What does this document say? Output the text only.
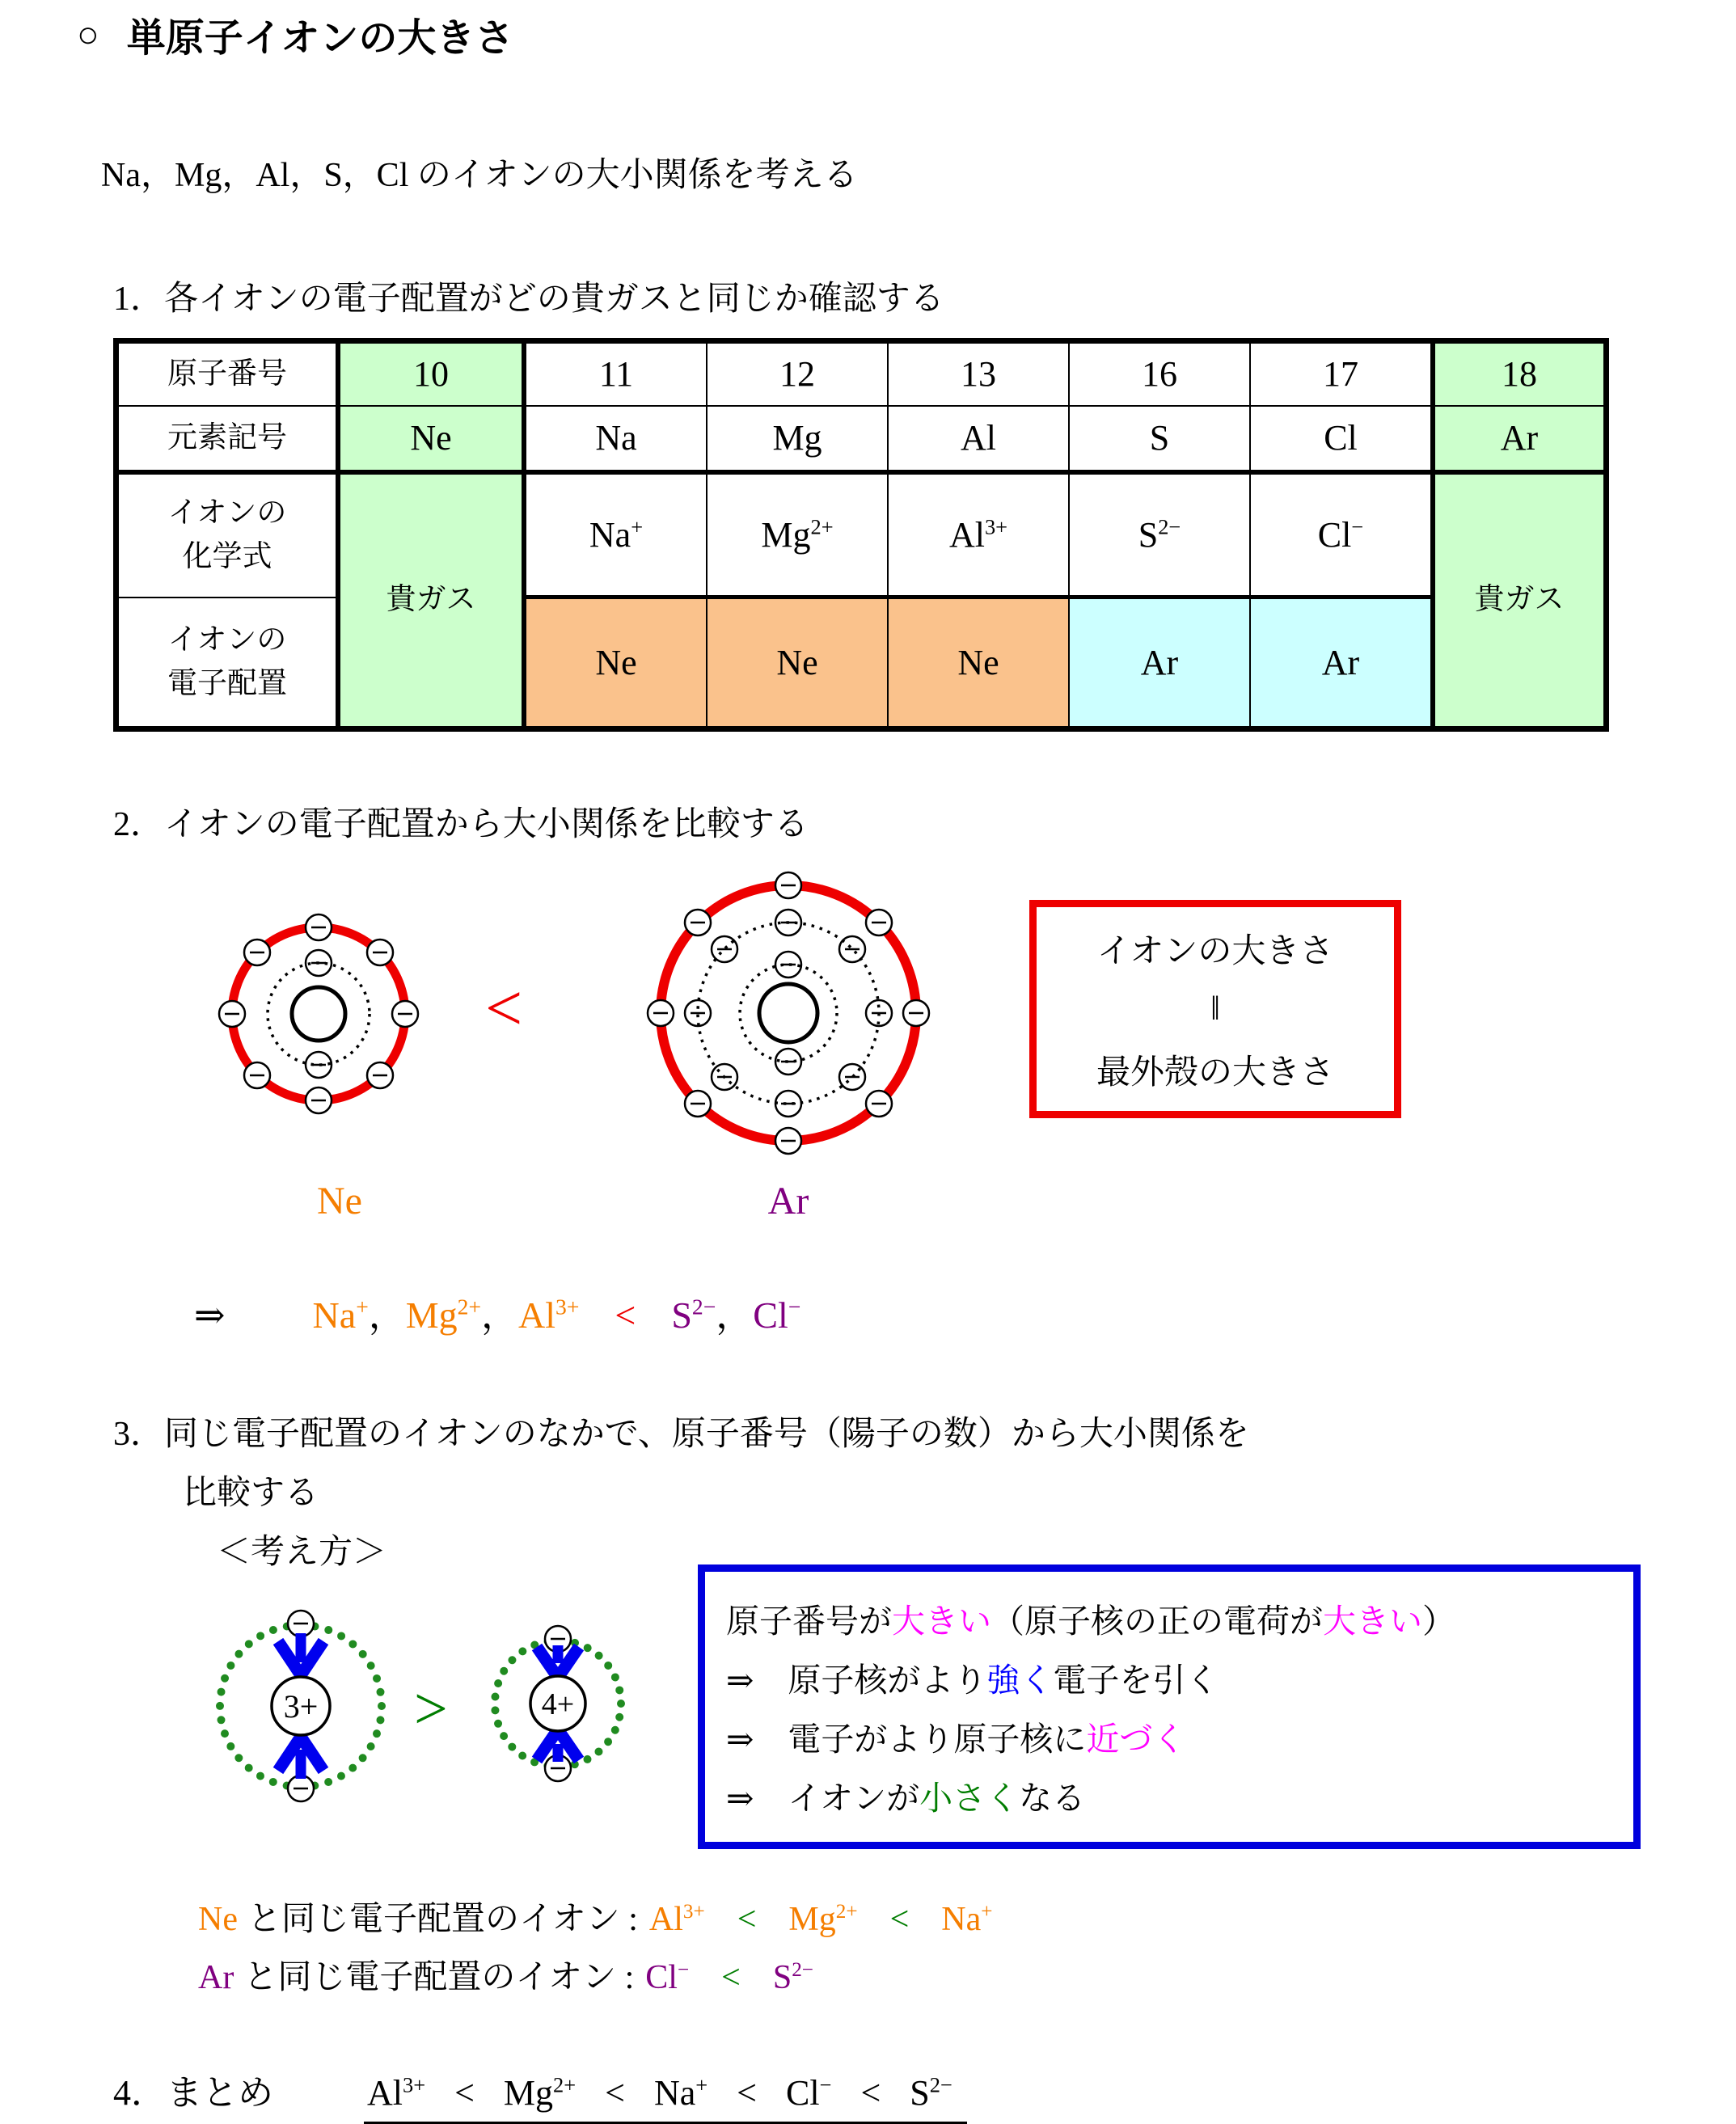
○ 単原子イオンの大きさ
Na，Mg，Al，S，Cl のイオンの大小関係を考える
1．各イオンの電子配置がどの貴ガスと同じか確認する
原子番号	10	11	12	13	16	17	18
元素記号	Ne	Na	Mg	Al	S	Cl	Ar
イオンの
化学式	貴ガス	Na+	$Mg^{2+}$	$Al^{3+}$	$S^{2-}$	Cl−	貴ガス
イオンの
電子配置		Ne	Ne	Ne	Ar	Ar	
2．イオンの電子配置から大小関係を比較する
<
イオンの大きさ
‖
最外殻の大きさ
Ne	Ar
⇒ Na+ ， $Mg^{2+}$ ， $Al^{3+} < S^{2-}$ ， Cl−
3．同じ電子配置のイオンのなかで、原子番号（陽子の数）から大小関係を
比較する
＜考え方＞
3+ >	4+
原子番号が大きい（原子核の正の電荷が大きい）
⇒ 原子核がより強く電子を引く
⇒ 電子がより原子核に近づく
⇒ イオンが小さくなる
Ne と同じ電子配置のイオン : $Al^{3+} < Mg^{2+} < Na^+$
Ar と同じ電子配置のイオン : $Cl^- < S^{2-}$
4．まとめ	$Al^{3+} < Mg^{2+} < Na^+ < Cl^- < S^{2-}$
